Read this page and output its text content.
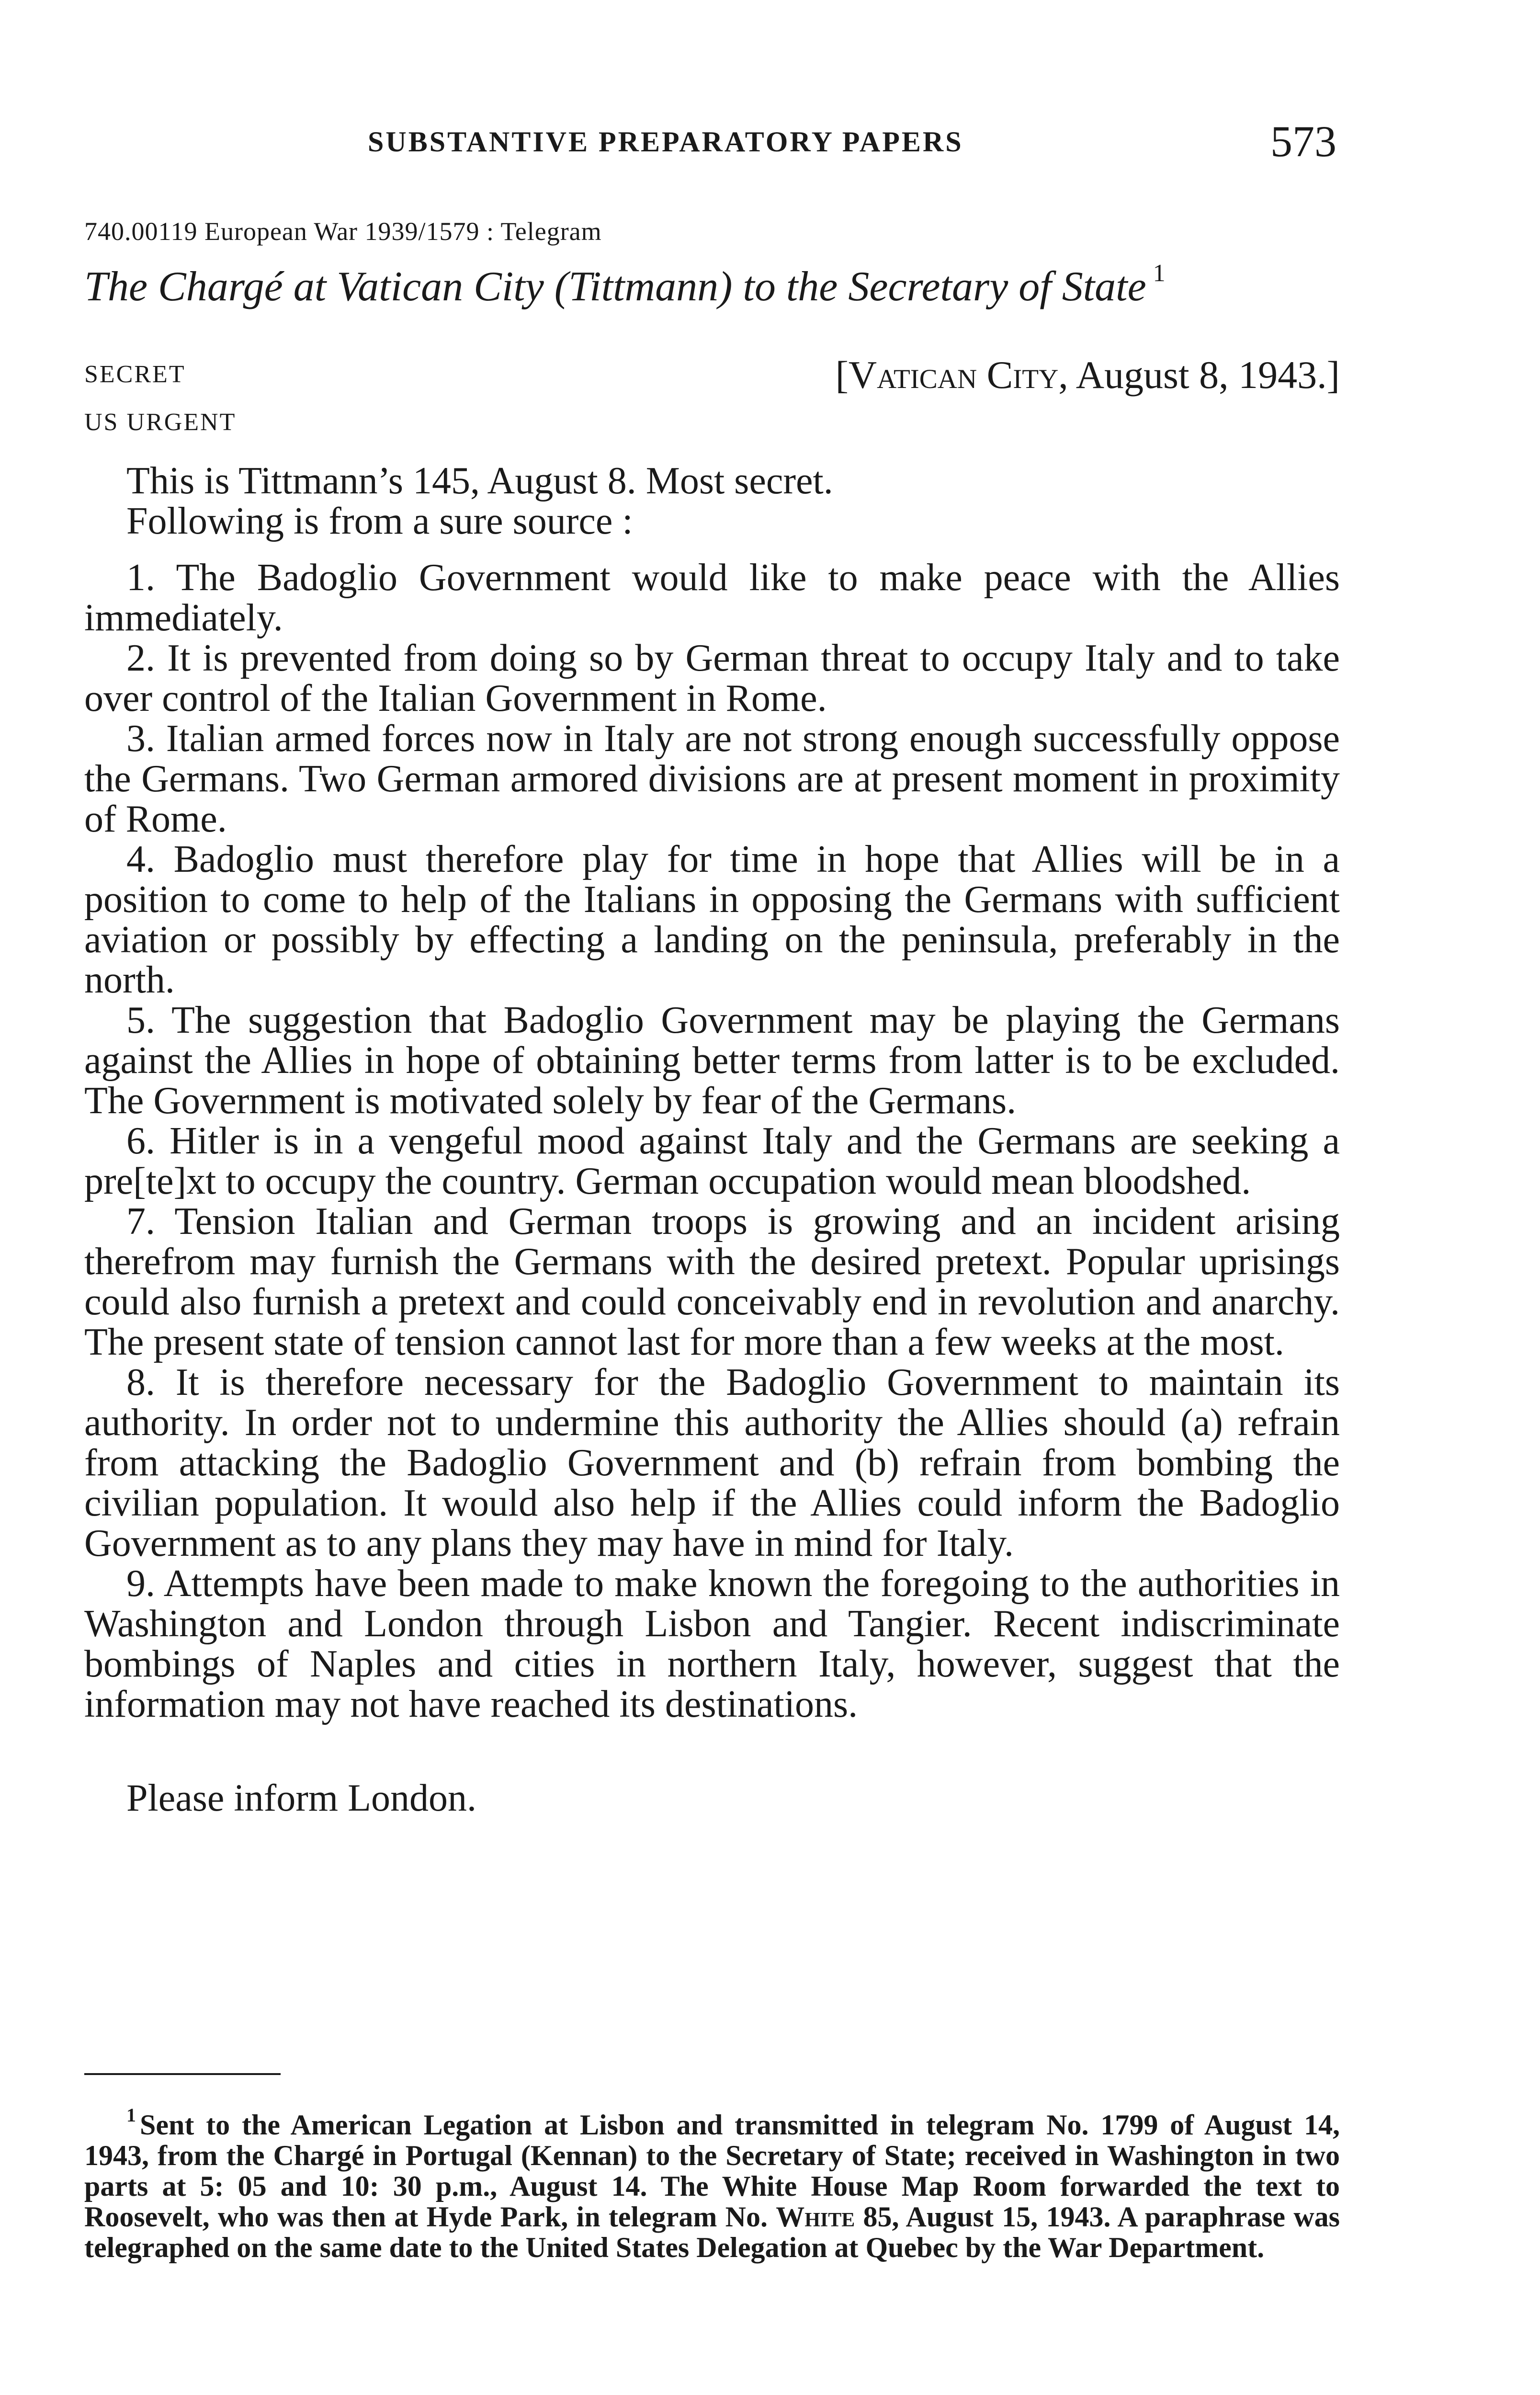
SUBSTANTIVE PREPARATORY PAPERS	573
740.00119 European War 1939/1579 : Telegram
The Chargé at Vatican City (Tittmann) to the Secretary of State $^1$
SECRET
US URGENT
[Vatican City, August 8, 1943.]

This is Tittmann’s 145, August 8. Most secret.

Following is from a sure source :

1. The Badoglio Government would like to make peace with the Allies immediately.

2. It is prevented from doing so by German threat to occupy Italy and to take over control of the Italian Government in Rome.

3. Italian armed forces now in Italy are not strong enough successfully oppose the Germans. Two German armored divisions are at present moment in proximity of Rome.

4. Badoglio must therefore play for time in hope that Allies will be in a position to come to help of the Italians in opposing the Germans with sufficient aviation or possibly by effecting a landing on the peninsula, preferably in the north.

5. The suggestion that Badoglio Government may be playing the Germans against the Allies in hope of obtaining better terms from latter is to be excluded. The Government is motivated solely by fear of the Germans.

6. Hitler is in a vengeful mood against Italy and the Germans are seeking a pre[te]xt to occupy the country. German occupation would mean bloodshed.

7. Tension Italian and German troops is growing and an incident arising therefrom may furnish the Germans with the desired pretext. Popular uprisings could also furnish a pretext and could conceivably end in revolution and anarchy. The present state of tension cannot last for more than a few weeks at the most.

8. It is therefore necessary for the Badoglio Government to maintain its authority. In order not to undermine this authority the Allies should (a) refrain from attacking the Badoglio Government and (b) refrain from bombing the civilian population. It would also help if the Allies could inform the Badoglio Government as to any plans they may have in mind for Italy.

9. Attempts have been made to make known the foregoing to the authorities in Washington and London through Lisbon and Tangier. Recent indiscriminate bombings of Naples and cities in northern Italy, however, suggest that the information may not have reached its destinations.

Please inform London.

$^1$ Sent to the American Legation at Lisbon and transmitted in telegram No. 1799 of August 14, 1943, from the Chargé in Portugal (Kennan) to the Secretary of State; received in Washington in two parts at 5: 05 and 10: 30 p.m., August 14. The White House Map Room forwarded the text to Roosevelt, who was then at Hyde Park, in telegram No. White 85, August 15, 1943. A paraphrase was telegraphed on the same date to the United States Delegation at Quebec by the War Department.
